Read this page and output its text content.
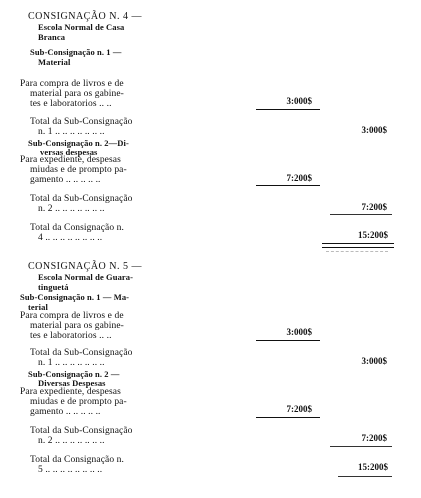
CONSIGNAÇÃO N. 4 —
Escola Normal de Casa
Branca
Sub-Consignação n. 1 —
Material
Para compra de livros e de
material para os gabine-
tes e laboratorios .. ..	3:000$
Total da Sub-Consignação
n. 1 .. .. .. .. .. .. ..	3:000$
Sub-Consignação n. 2—Di-
versas despesas
Para expediente, despesas
miudas e de prompto pa-
gamento .. .. .. .. ..	7:200$
Total da Sub-Consignação
n. 2 .. .. .. .. .. .. ..	7:200$
Total da Consignação n.
4 .. .. .. .. .. .. .. ..	15:200$
CONSIGNAÇÃO N. 5 —
Escola Normal de Guara-
tinguetá
Sub-Consignação n. 1 — Ma-
terial
Para compra de livros e de
material para os gabine-
tes e laboratorios .. ..	3:000$
Total da Sub-Consignação
n. 1 .. .. .. .. .. .. ..	3:000$
Sub-Consignação n. 2 —
Diversas Despesas
Para expediente, despesas
miudas e de prompto pa-
gamento .. .. .. .. ..	7:200$
Total da Sub-Consignação
n. 2 .. .. .. .. .. .. ..	7:200$
Total da Consignação n.
5 .. .. .. .. .. .. .. ..	15:200$
